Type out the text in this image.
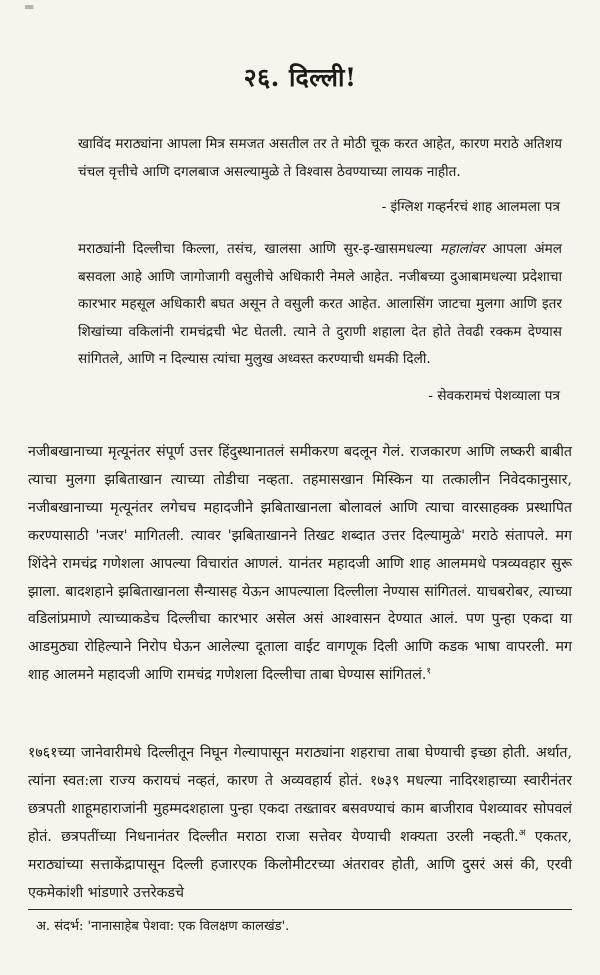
▬
२६. दिल्ली!
खाविंद मराठ्यांना आपला मित्र समजत असतील तर ते मोठी चूक करत आहेत, कारण मराठे अतिशय चंचल वृत्तीचे आणि दगलबाज असल्यामुळे ते विश्वास ठेवण्याच्या लायक नाहीत.
- इंग्लिश गव्हर्नरचं शाह आलमला पत्र
मराठ्यांनी दिल्लीचा किल्ला, तसंच, खालसा आणि सुर-इ-खासमधल्या महालांवर आपला अंमल बसवला आहे आणि जागोजागी वसुलीचे अधिकारी नेमले आहेत. नजीबच्या दुआबामधल्या प्रदेशाचा कारभार महसूल अधिकारी बघत असून ते वसुली करत आहेत. आलासिंग जाटचा मुलगा आणि इतर शिखांच्या वकिलांनी रामचंद्रची भेट घेतली. त्याने ते दुराणी शहाला देत होते तेवढी रक्कम देण्यास सांगितले, आणि न दिल्यास त्यांचा मुलुख अध्वस्त करण्याची धमकी दिली.
- सेवकरामचं पेशव्याला पत्र
नजीबखानाच्या मृत्यूनंतर संपूर्ण उत्तर हिंदुस्थानातलं समीकरण बदलून गेलं. राजकारण आणि लष्करी बाबीत त्याचा मुलगा झबिताखान त्याच्या तोडीचा नव्हता. तहमासखान मिस्किन या तत्कालीन निवेदकानुसार, नजीबखानाच्या मृत्यूनंतर लगेचच महादजीने झबिताखानला बोलावलं आणि त्याचा वारसाहक्क प्रस्थापित करण्यासाठी 'नजर' मागितली. त्यावर 'झबिताखानने तिखट शब्दात उत्तर दिल्यामुळे' मराठे संतापले. मग शिंदेने रामचंद्र गणेशला आपल्या विचारांत आणलं. यानंतर महादजी आणि शाह आलममधे पत्रव्यवहार सुरू झाला. बादशहाने झबिताखानला सैन्यासह येऊन आपल्याला दिल्लीला नेण्यास सांगितलं. याचबरोबर, त्याच्या वडिलांप्रमाणे त्याच्याकडेच दिल्लीचा कारभार असेल असं आश्वासन देण्यात आलं. पण पुन्हा एकदा या आडमुठ्या रोहिल्याने निरोप घेऊन आलेल्या दूताला वाईट वागणूक दिली आणि कडक भाषा वापरली. मग शाह आलमने महादजी आणि रामचंद्र गणेशला दिल्लीचा ताबा घेण्यास सांगितलं.$^१$
१७६१च्या जानेवारीमधे दिल्लीतून निघून गेल्यापासून मराठ्यांना शहराचा ताबा घेण्याची इच्छा होती. अर्थात, त्यांना स्वत:ला राज्य करायचं नव्हतं, कारण ते अव्यवहार्य होतं. १७३९ मधल्या नादिरशहाच्या स्वारीनंतर छत्रपती शाहूमहाराजांनी मुहम्मदशहाला पुन्हा एकदा तख्तावर बसवण्याचं काम बाजीराव पेशव्यावर सोपवलं होतं. छत्रपतींच्या निधनानंतर दिल्लीत मराठा राजा सत्तेवर येण्याची शक्यता उरली नव्हती.$^अ$ एकतर, मराठ्यांच्या सत्ताकेंद्रापासून दिल्ली हजारएक किलोमीटरच्या अंतरावर होती, आणि दुसरं असं की, एरवी एकमेकांशी भांडणारे उत्तरेकडचे
अ. संदर्भ: 'नानासाहेब पेशवा: एक विलक्षण कालखंड'.
